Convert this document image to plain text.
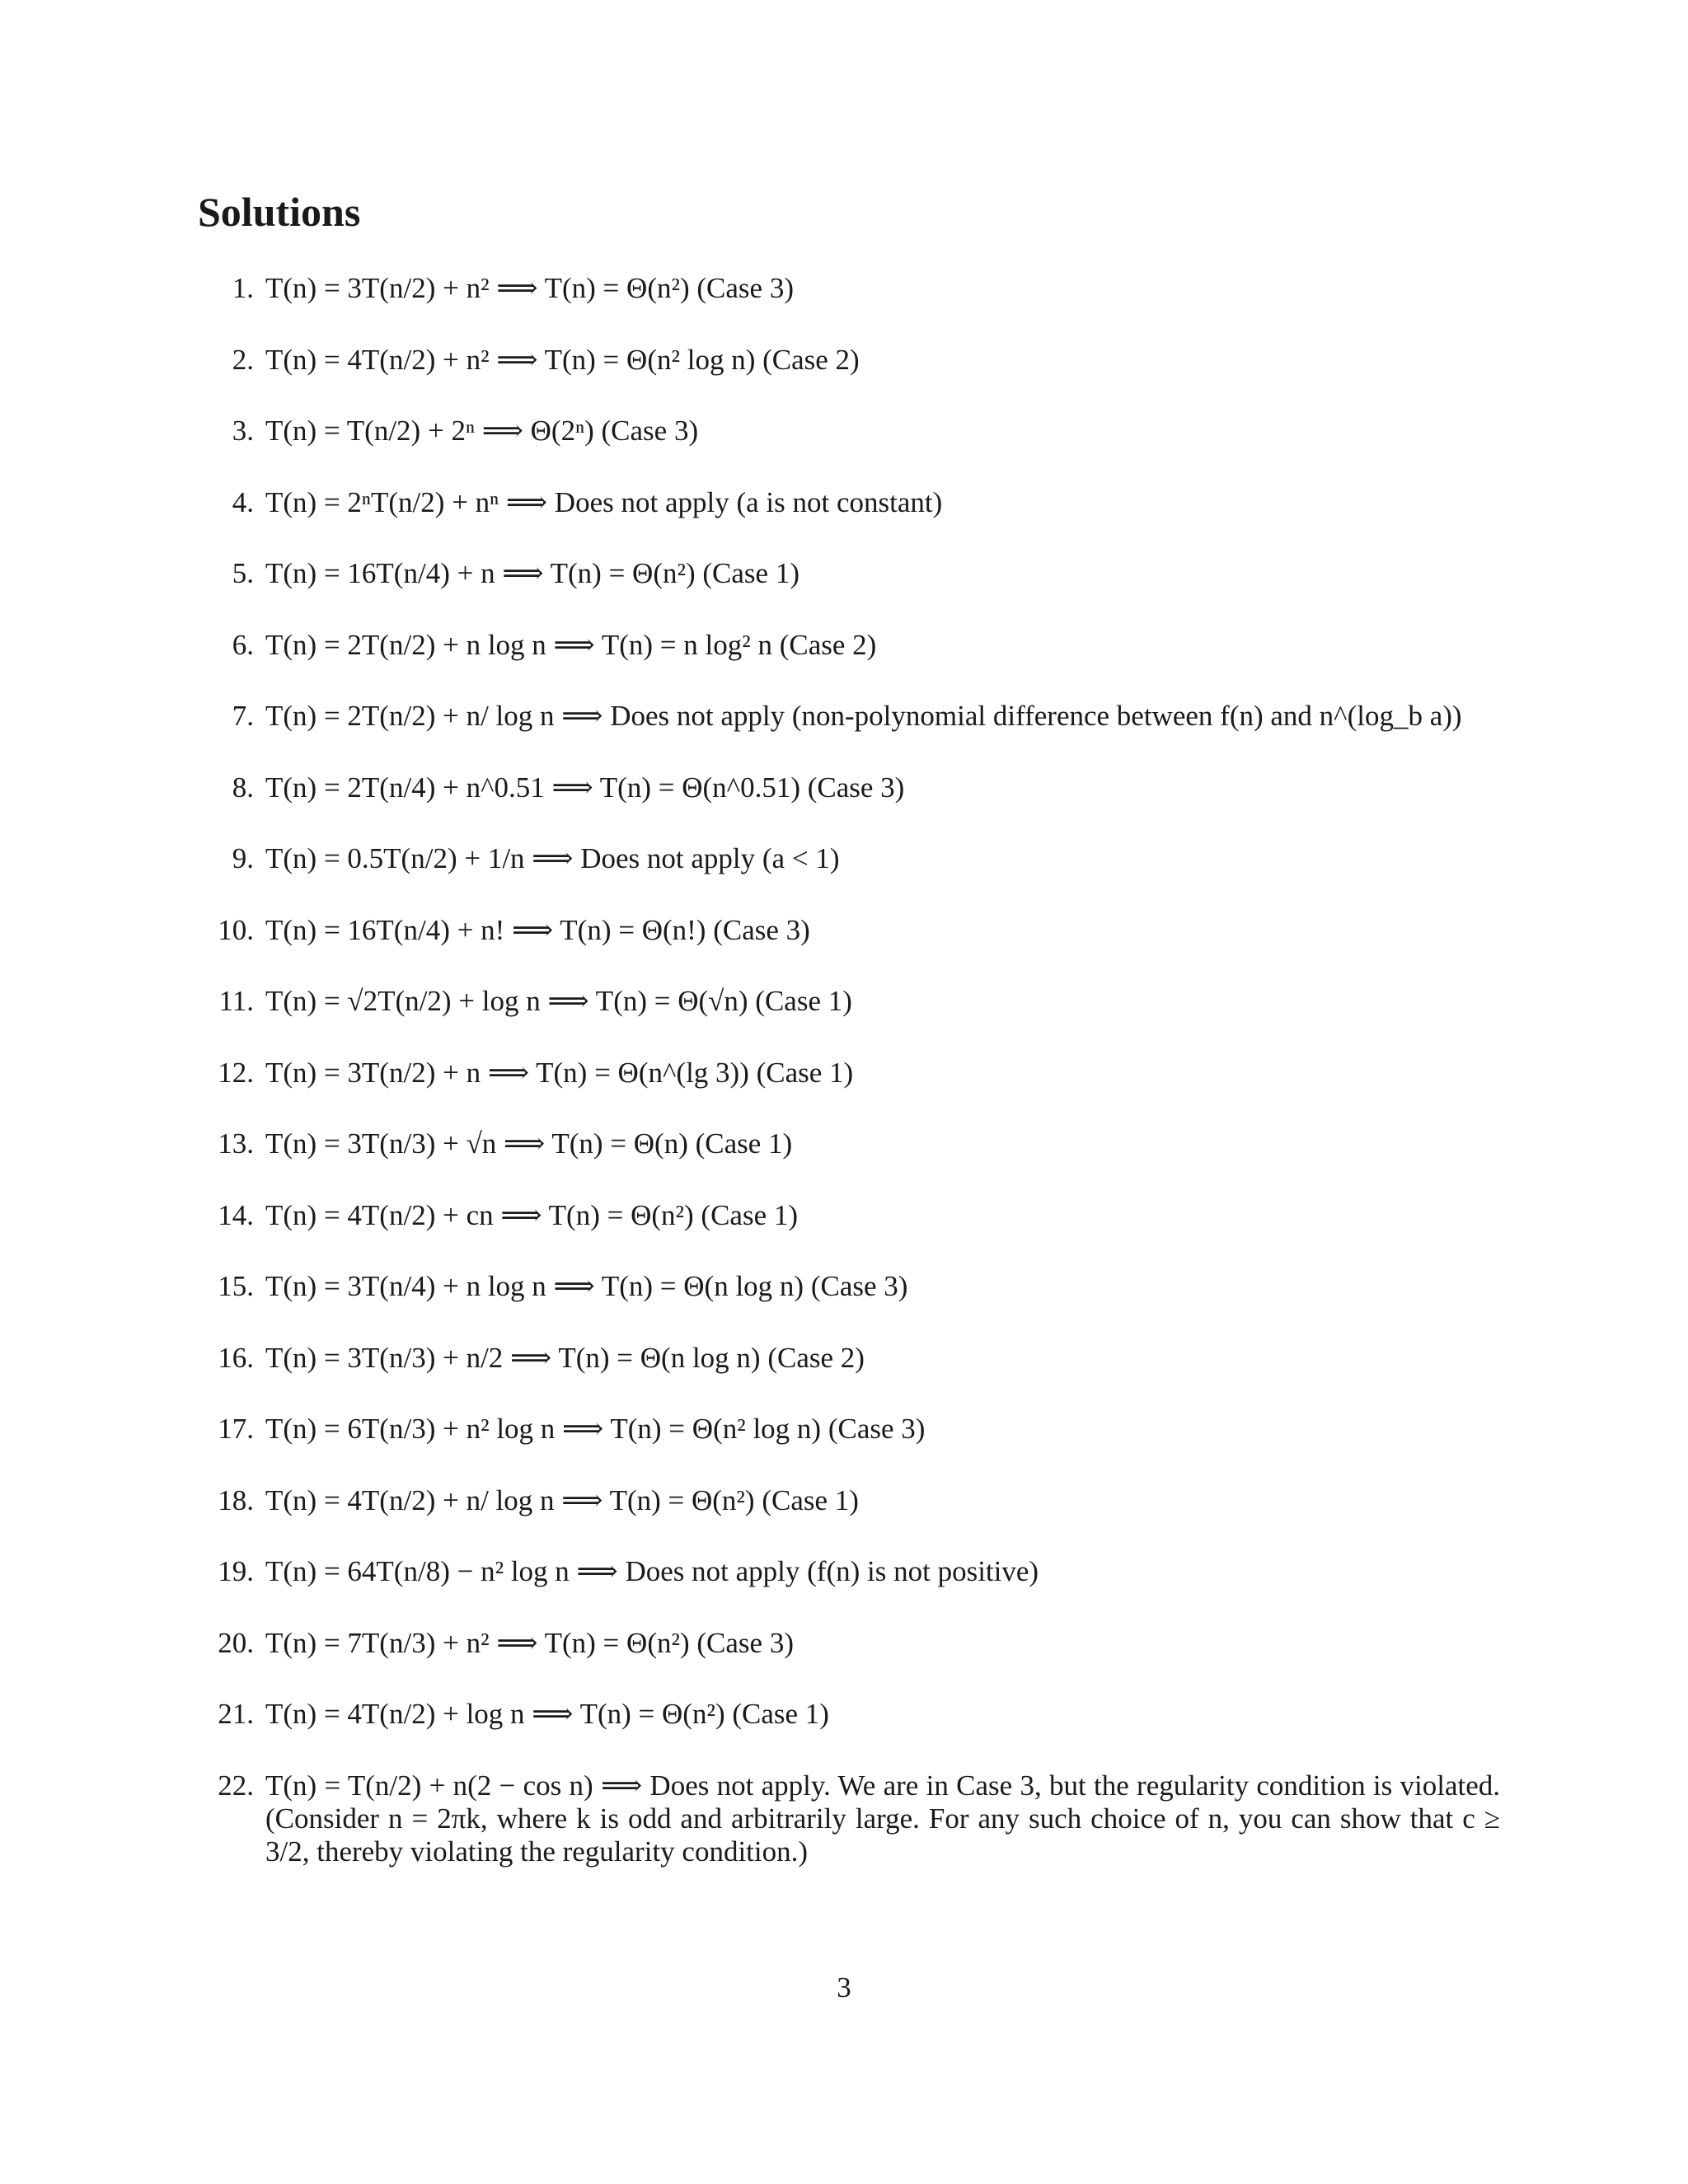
Solutions
1. T(n) = 3T(n/2) + n² ⟹ T(n) = Θ(n²) (Case 3)
2. T(n) = 4T(n/2) + n² ⟹ T(n) = Θ(n² log n) (Case 2)
3. T(n) = T(n/2) + 2ⁿ ⟹ Θ(2ⁿ) (Case 3)
4. T(n) = 2ⁿT(n/2) + nⁿ ⟹ Does not apply (a is not constant)
5. T(n) = 16T(n/4) + n ⟹ T(n) = Θ(n²) (Case 1)
6. T(n) = 2T(n/2) + n log n ⟹ T(n) = n log² n (Case 2)
7. T(n) = 2T(n/2) + n/ log n ⟹ Does not apply (non-polynomial difference between f(n) and n^(log_b a))
8. T(n) = 2T(n/4) + n^0.51 ⟹ T(n) = Θ(n^0.51) (Case 3)
9. T(n) = 0.5T(n/2) + 1/n ⟹ Does not apply (a < 1)
10. T(n) = 16T(n/4) + n! ⟹ T(n) = Θ(n!) (Case 3)
11. T(n) = √2T(n/2) + log n ⟹ T(n) = Θ(√n) (Case 1)
12. T(n) = 3T(n/2) + n ⟹ T(n) = Θ(n^(lg 3)) (Case 1)
13. T(n) = 3T(n/3) + √n ⟹ T(n) = Θ(n) (Case 1)
14. T(n) = 4T(n/2) + cn ⟹ T(n) = Θ(n²) (Case 1)
15. T(n) = 3T(n/4) + n log n ⟹ T(n) = Θ(n log n) (Case 3)
16. T(n) = 3T(n/3) + n/2 ⟹ T(n) = Θ(n log n) (Case 2)
17. T(n) = 6T(n/3) + n² log n ⟹ T(n) = Θ(n² log n) (Case 3)
18. T(n) = 4T(n/2) + n/ log n ⟹ T(n) = Θ(n²) (Case 1)
19. T(n) = 64T(n/8) − n² log n ⟹ Does not apply (f(n) is not positive)
20. T(n) = 7T(n/3) + n² ⟹ T(n) = Θ(n²) (Case 3)
21. T(n) = 4T(n/2) + log n ⟹ T(n) = Θ(n²) (Case 1)
22. T(n) = T(n/2) + n(2 − cos n) ⟹ Does not apply. We are in Case 3, but the regularity condition is violated. (Consider n = 2πk, where k is odd and arbitrarily large. For any such choice of n, you can show that c ≥ 3/2, thereby violating the regularity condition.)
3
